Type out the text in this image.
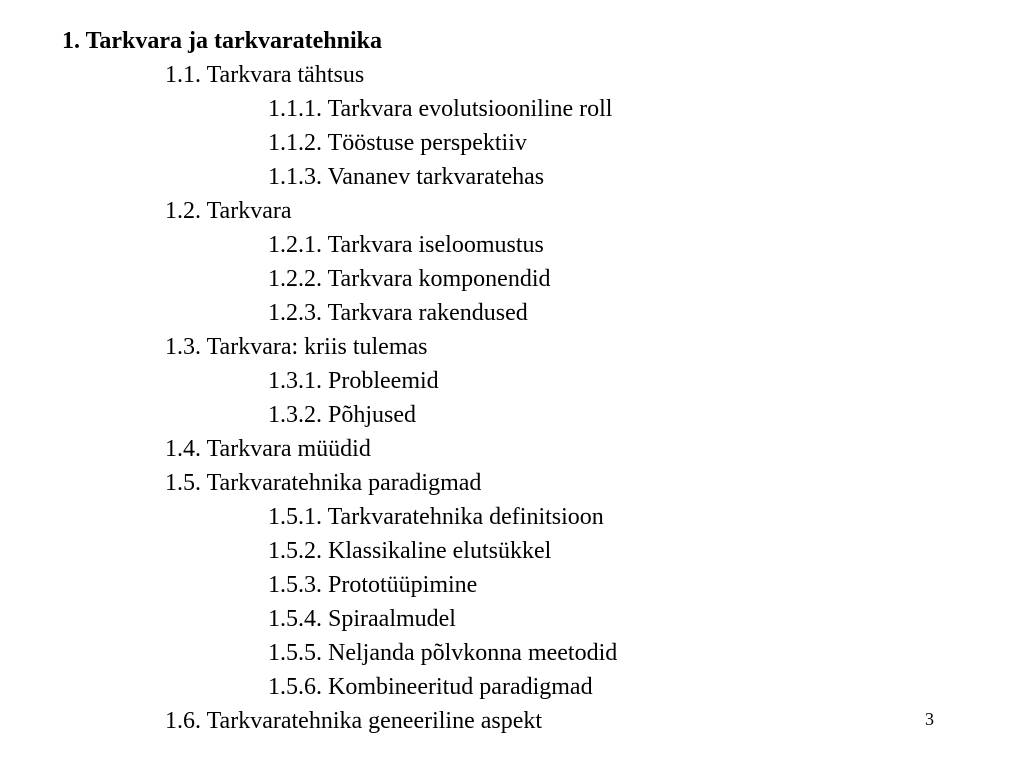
1. Tarkvara ja tarkvaratehnika
1.1. Tarkvara tähtsus
1.1.1. Tarkvara evolutsiooniline roll
1.1.2. Tööstuse perspektiiv
1.1.3. Vananev tarkvaratehas
1.2. Tarkvara
1.2.1. Tarkvara iseloomustus
1.2.2. Tarkvara komponendid
1.2.3. Tarkvara rakendused
1.3. Tarkvara: kriis tulemas
1.3.1. Probleemid
1.3.2. Põhjused
1.4. Tarkvara müüdid
1.5. Tarkvaratehnika paradigmad
1.5.1. Tarkvaratehnika definitsioon
1.5.2. Klassikaline elutsükkel
1.5.3. Prototüüpimine
1.5.4. Spiraalmudel
1.5.5. Neljanda põlvkonna meetodid
1.5.6. Kombineeritud paradigmad
1.6. Tarkvaratehnika geneeriline aspekt	3
